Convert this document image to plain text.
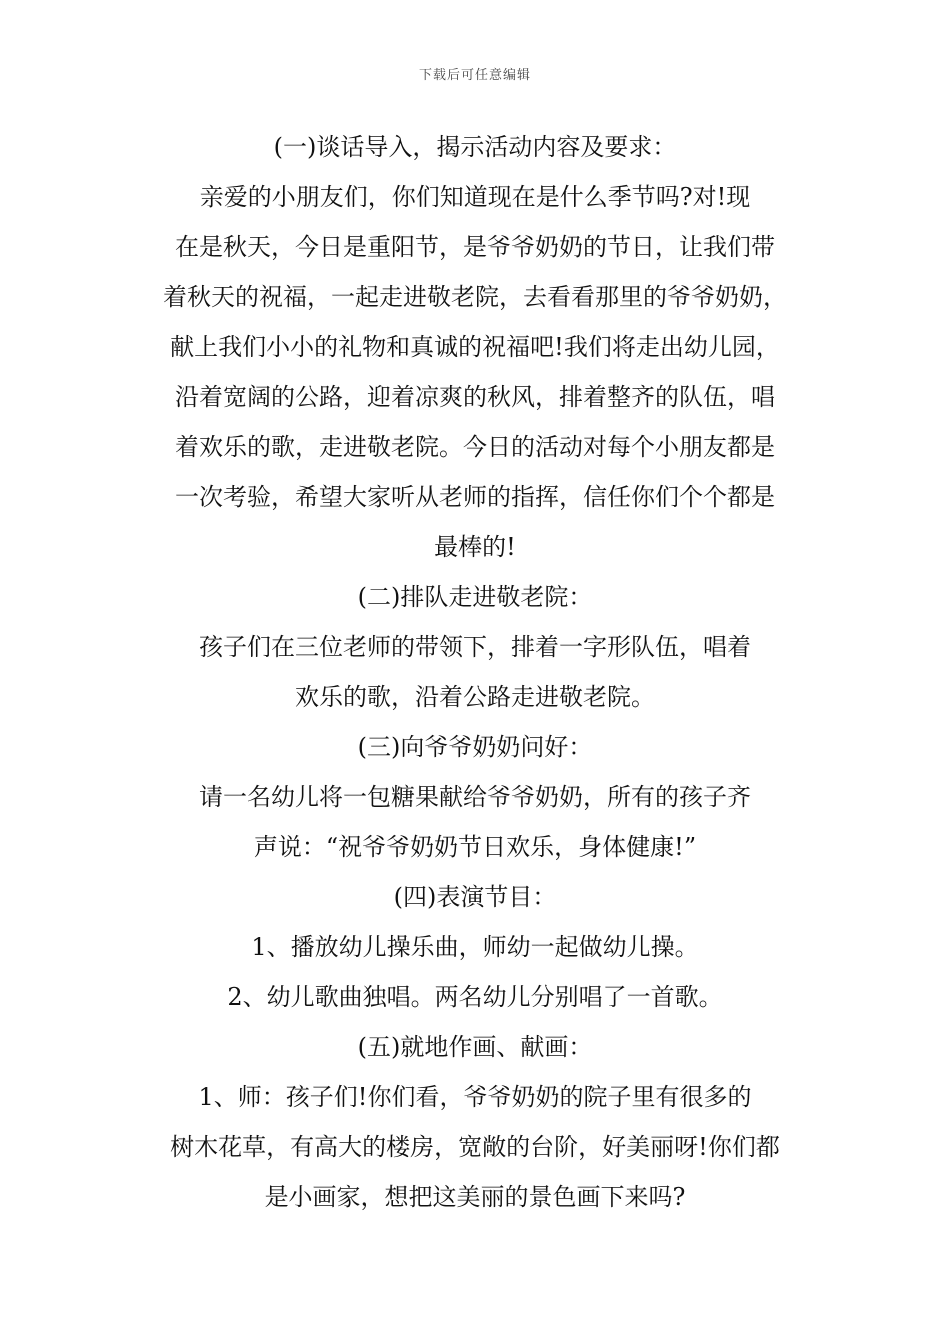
下载后可任意编辑
(一)谈话导入，揭示活动内容及要求：
亲爱的小朋友们，你们知道现在是什么季节吗?对!现
在是秋天，今日是重阳节，是爷爷奶奶的节日，让我们带
着秋天的祝福，一起走进敬老院，去看看那里的爷爷奶奶，
献上我们小小的礼物和真诚的祝福吧!我们将走出幼儿园，
沿着宽阔的公路，迎着凉爽的秋风，排着整齐的队伍，唱
着欢乐的歌，走进敬老院。今日的活动对每个小朋友都是
一次考验，希望大家听从老师的指挥，信任你们个个都是
最棒的!
(二)排队走进敬老院：
孩子们在三位老师的带领下，排着一字形队伍，唱着
欢乐的歌，沿着公路走进敬老院。
(三)向爷爷奶奶问好：
请一名幼儿将一包糖果献给爷爷奶奶，所有的孩子齐
声说：“祝爷爷奶奶节日欢乐，身体健康!”
(四)表演节目：
1、播放幼儿操乐曲，师幼一起做幼儿操。
2、幼儿歌曲独唱。两名幼儿分别唱了一首歌。
(五)就地作画、献画：
1、师：孩子们!你们看，爷爷奶奶的院子里有很多的
树木花草，有高大的楼房，宽敞的台阶，好美丽呀!你们都
是小画家，想把这美丽的景色画下来吗?
